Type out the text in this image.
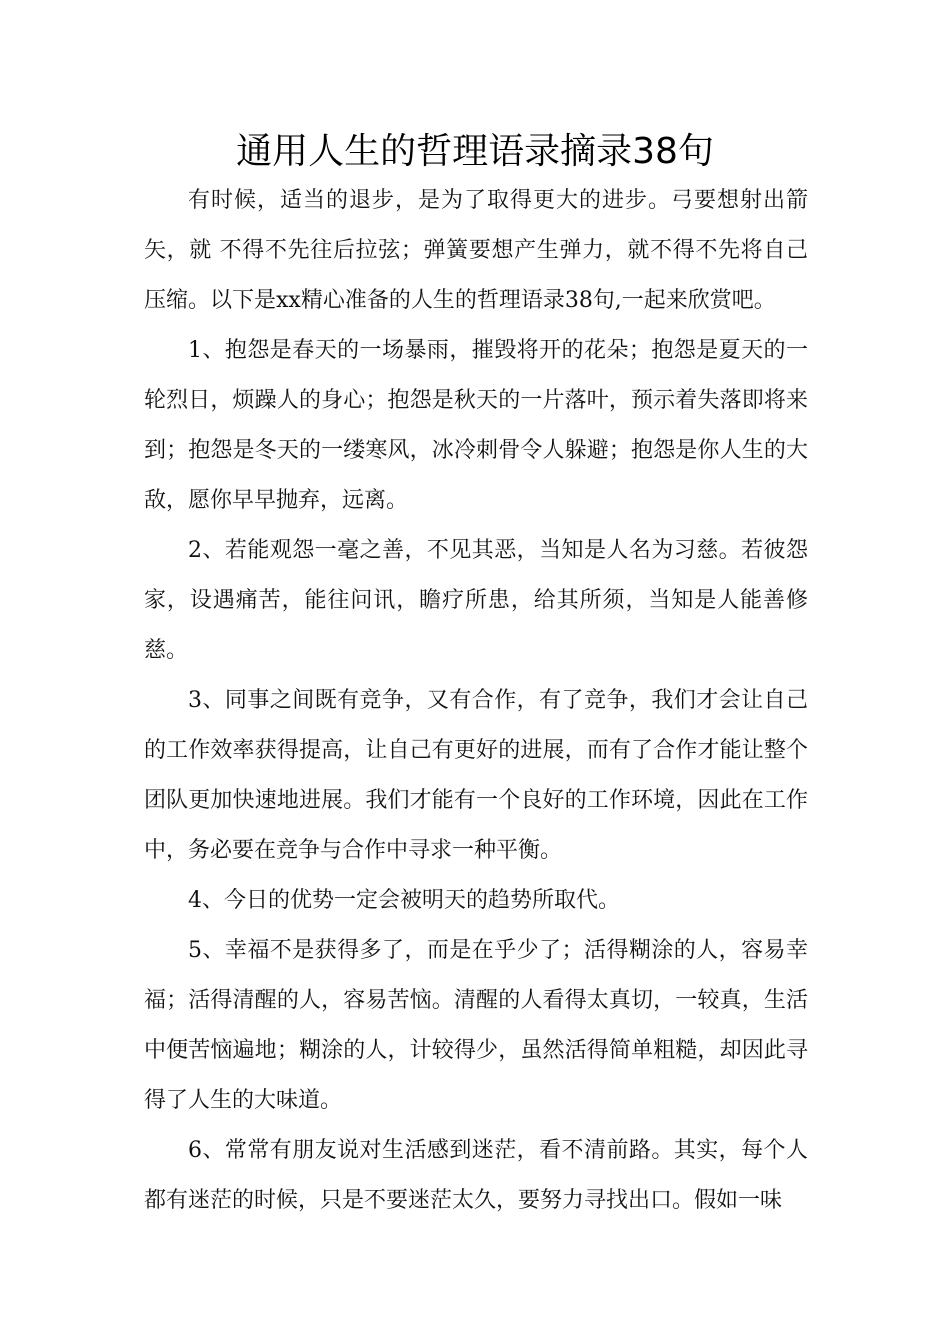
通用人生的哲理语录摘录38句

有时候，适当的退步，是为了取得更大的进步。弓要想射出箭矢，就 不得不先往后拉弦；弹簧要想产生弹力，就不得不先将自己压缩。以下是xx精心准备的人生的哲理语录38句,一起来欣赏吧。

1、抱怨是春天的一场暴雨，摧毁将开的花朵；抱怨是夏天的一轮烈日，烦躁人的身心；抱怨是秋天的一片落叶，预示着失落即将来到；抱怨是冬天的一缕寒风，冰冷刺骨令人躲避；抱怨是你人生的大敌，愿你早早抛弃，远离。

2、若能观怨一毫之善，不见其恶，当知是人名为习慈。若彼怨家，设遇痛苦，能往问讯，瞻疗所患，给其所须，当知是人能善修慈。

3、同事之间既有竞争，又有合作，有了竞争，我们才会让自己的工作效率获得提高，让自己有更好的进展，而有了合作才能让整个团队更加快速地进展。我们才能有一个良好的工作环境，因此在工作中，务必要在竞争与合作中寻求一种平衡。

4、今日的优势一定会被明天的趋势所取代。

5、幸福不是获得多了，而是在乎少了；活得糊涂的人，容易幸福；活得清醒的人，容易苦恼。清醒的人看得太真切，一较真，生活中便苦恼遍地；糊涂的人，计较得少，虽然活得简单粗糙，却因此寻得了人生的大味道。

6、常常有朋友说对生活感到迷茫，看不清前路。其实，每个人都有迷茫的时候，只是不要迷茫太久，要努力寻找出口。假如一味
